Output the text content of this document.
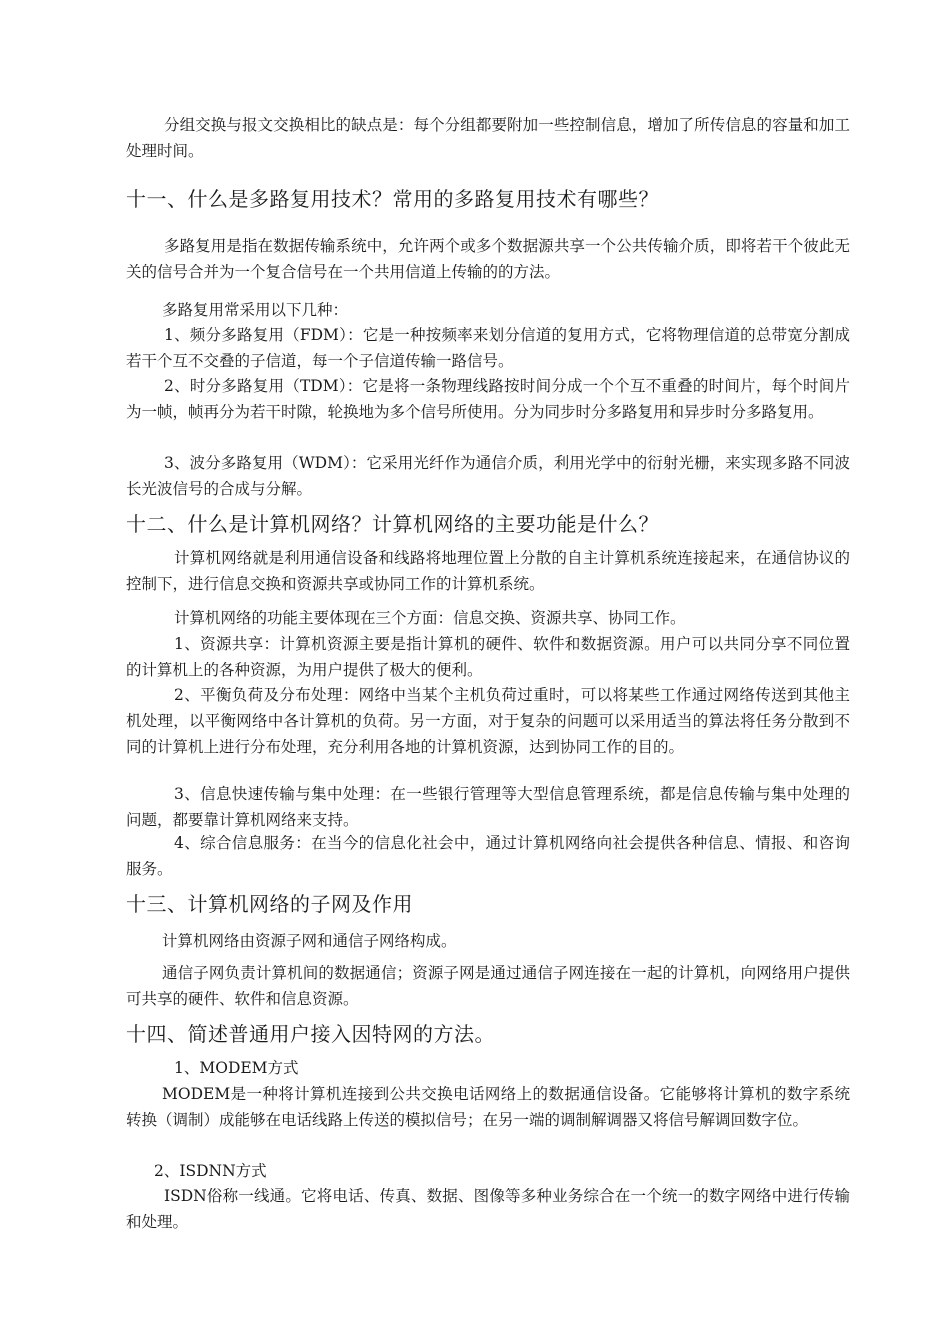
分组交换与报文交换相比的缺点是：每个分组都要附加一些控制信息，增加了所传信息的容量和加工处理时间。
十一、什么是多路复用技术？常用的多路复用技术有哪些？
多路复用是指在数据传输系统中，允许两个或多个数据源共享一个公共传输介质，即将若干个彼此无关的信号合并为一个复合信号在一个共用信道上传输的的方法。
多路复用常采用以下几种：
1、频分多路复用（FDM）：它是一种按频率来划分信道的复用方式，它将物理信道的总带宽分割成若干个互不交叠的子信道，每一个子信道传输一路信号。
2、时分多路复用（TDM）：它是将一条物理线路按时间分成一个个互不重叠的时间片，每个时间片为一帧，帧再分为若干时隙，轮换地为多个信号所使用。分为同步时分多路复用和异步时分多路复用。
3、波分多路复用（WDM）：它采用光纤作为通信介质，利用光学中的衍射光栅，来实现多路不同波长光波信号的合成与分解。
十二、什么是计算机网络？计算机网络的主要功能是什么？
计算机网络就是利用通信设备和线路将地理位置上分散的自主计算机系统连接起来，在通信协议的控制下，进行信息交换和资源共享或协同工作的计算机系统。
计算机网络的功能主要体现在三个方面：信息交换、资源共享、协同工作。
1、资源共享：计算机资源主要是指计算机的硬件、软件和数据资源。用户可以共同分享不同位置的计算机上的各种资源，为用户提供了极大的便利。
2、平衡负荷及分布处理：网络中当某个主机负荷过重时，可以将某些工作通过网络传送到其他主机处理，以平衡网络中各计算机的负荷。另一方面，对于复杂的问题可以采用适当的算法将任务分散到不同的计算机上进行分布处理，充分利用各地的计算机资源，达到协同工作的目的。
3、信息快速传输与集中处理：在一些银行管理等大型信息管理系统，都是信息传输与集中处理的问题，都要靠计算机网络来支持。
4、综合信息服务：在当今的信息化社会中，通过计算机网络向社会提供各种信息、情报、和咨询服务。
十三、计算机网络的子网及作用
计算机网络由资源子网和通信子网络构成。
通信子网负责计算机间的数据通信；资源子网是通过通信子网连接在一起的计算机，向网络用户提供可共享的硬件、软件和信息资源。
十四、简述普通用户接入因特网的方法。
1、MODEM方式
MODEM是一种将计算机连接到公共交换电话网络上的数据通信设备。它能够将计算机的数字系统转换（调制）成能够在电话线路上传送的模拟信号；在另一端的调制解调器又将信号解调回数字位。
2、ISDNN方式
ISDN俗称一线通。它将电话、传真、数据、图像等多种业务综合在一个统一的数字网络中进行传输和处理。
